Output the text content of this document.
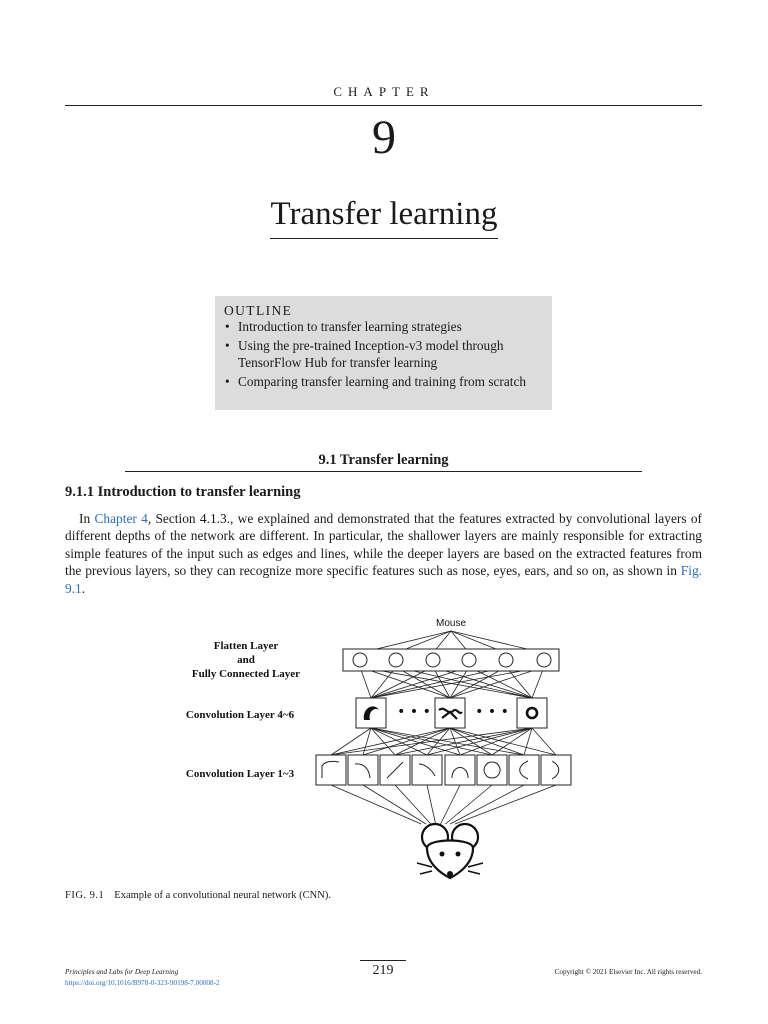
CHAPTER
9
Transfer learning
OUTLINE
• Introduction to transfer learning strategies
• Using the pre-trained Inception-v3 model through TensorFlow Hub for transfer learning
• Comparing transfer learning and training from scratch
9.1 Transfer learning
9.1.1 Introduction to transfer learning
In Chapter 4, Section 4.1.3., we explained and demonstrated that the features extracted by convolutional layers of different depths of the network are different. In particular, the shallower layers are mainly responsible for extracting simple features of the input such as edges and lines, while the deeper layers are based on the extracted features from the previous layers, so they can recognize more specific features such as nose, eyes, ears, and so on, as shown in Fig. 9.1.
Mouse
Flatten Layer
and
Fully Connected Layer
Convolution Layer 4~6
Convolution Layer 1~3
• • •	• • •
FIG. 9.1 Example of a convolutional neural network (CNN).
219
Principles and Labs for Deep Learning
https://doi.org/10.1016/B978-0-323-90198-7.00008-2
Copyright © 2021 Elsevier Inc. All rights reserved.
